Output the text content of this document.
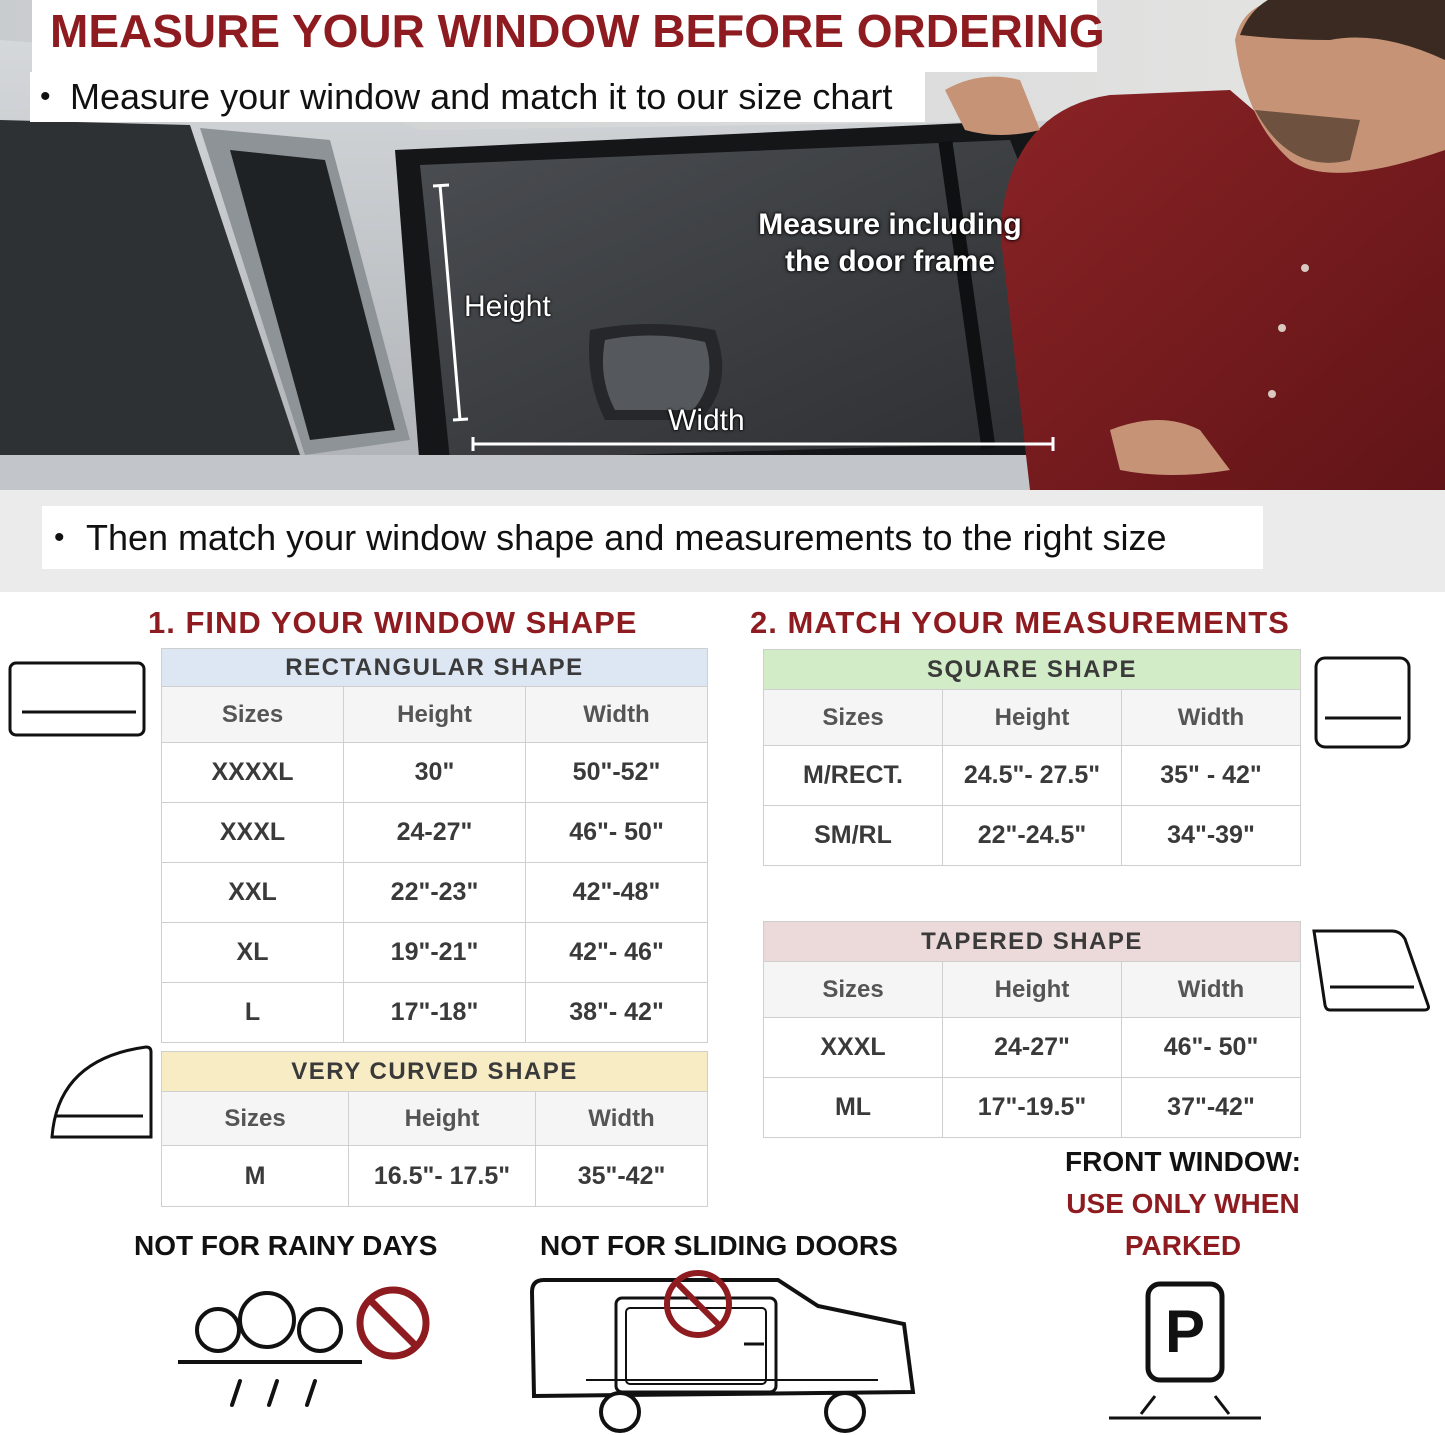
MEASURE YOUR WINDOW BEFORE ORDERING
• Measure your window and match it to our size chart
Height
Width
Measure including the door frame
• Then match your window shape and measurements to the right size
1. FIND YOUR WINDOW SHAPE	2. MATCH YOUR MEASUREMENTS
RECTANGULAR SHAPE		
Sizes	Height	Width
XXXXL	30"	50"-52"
XXXL	24-27"	46"- 50"
XXL	22"-23"	42"-48"
XL	19"-21"	42"- 46"
L	17"-18"	38"- 42"
VERY CURVED SHAPE		
Sizes	Height	Width
M	16.5"- 17.5"	35"-42"
SQUARE SHAPE		
Sizes	Height	Width
M/RECT.	24.5"- 27.5"	35" - 42"
SM/RL	22"-24.5"	34"-39"
TAPERED SHAPE		
Sizes	Height	Width
XXXL	24-27"	46"- 50"
ML	17"-19.5"	37"-42"
FRONT WINDOW:
USE ONLY WHEN
PARKED
NOT FOR RAINY DAYS	NOT FOR SLIDING DOORS
P
